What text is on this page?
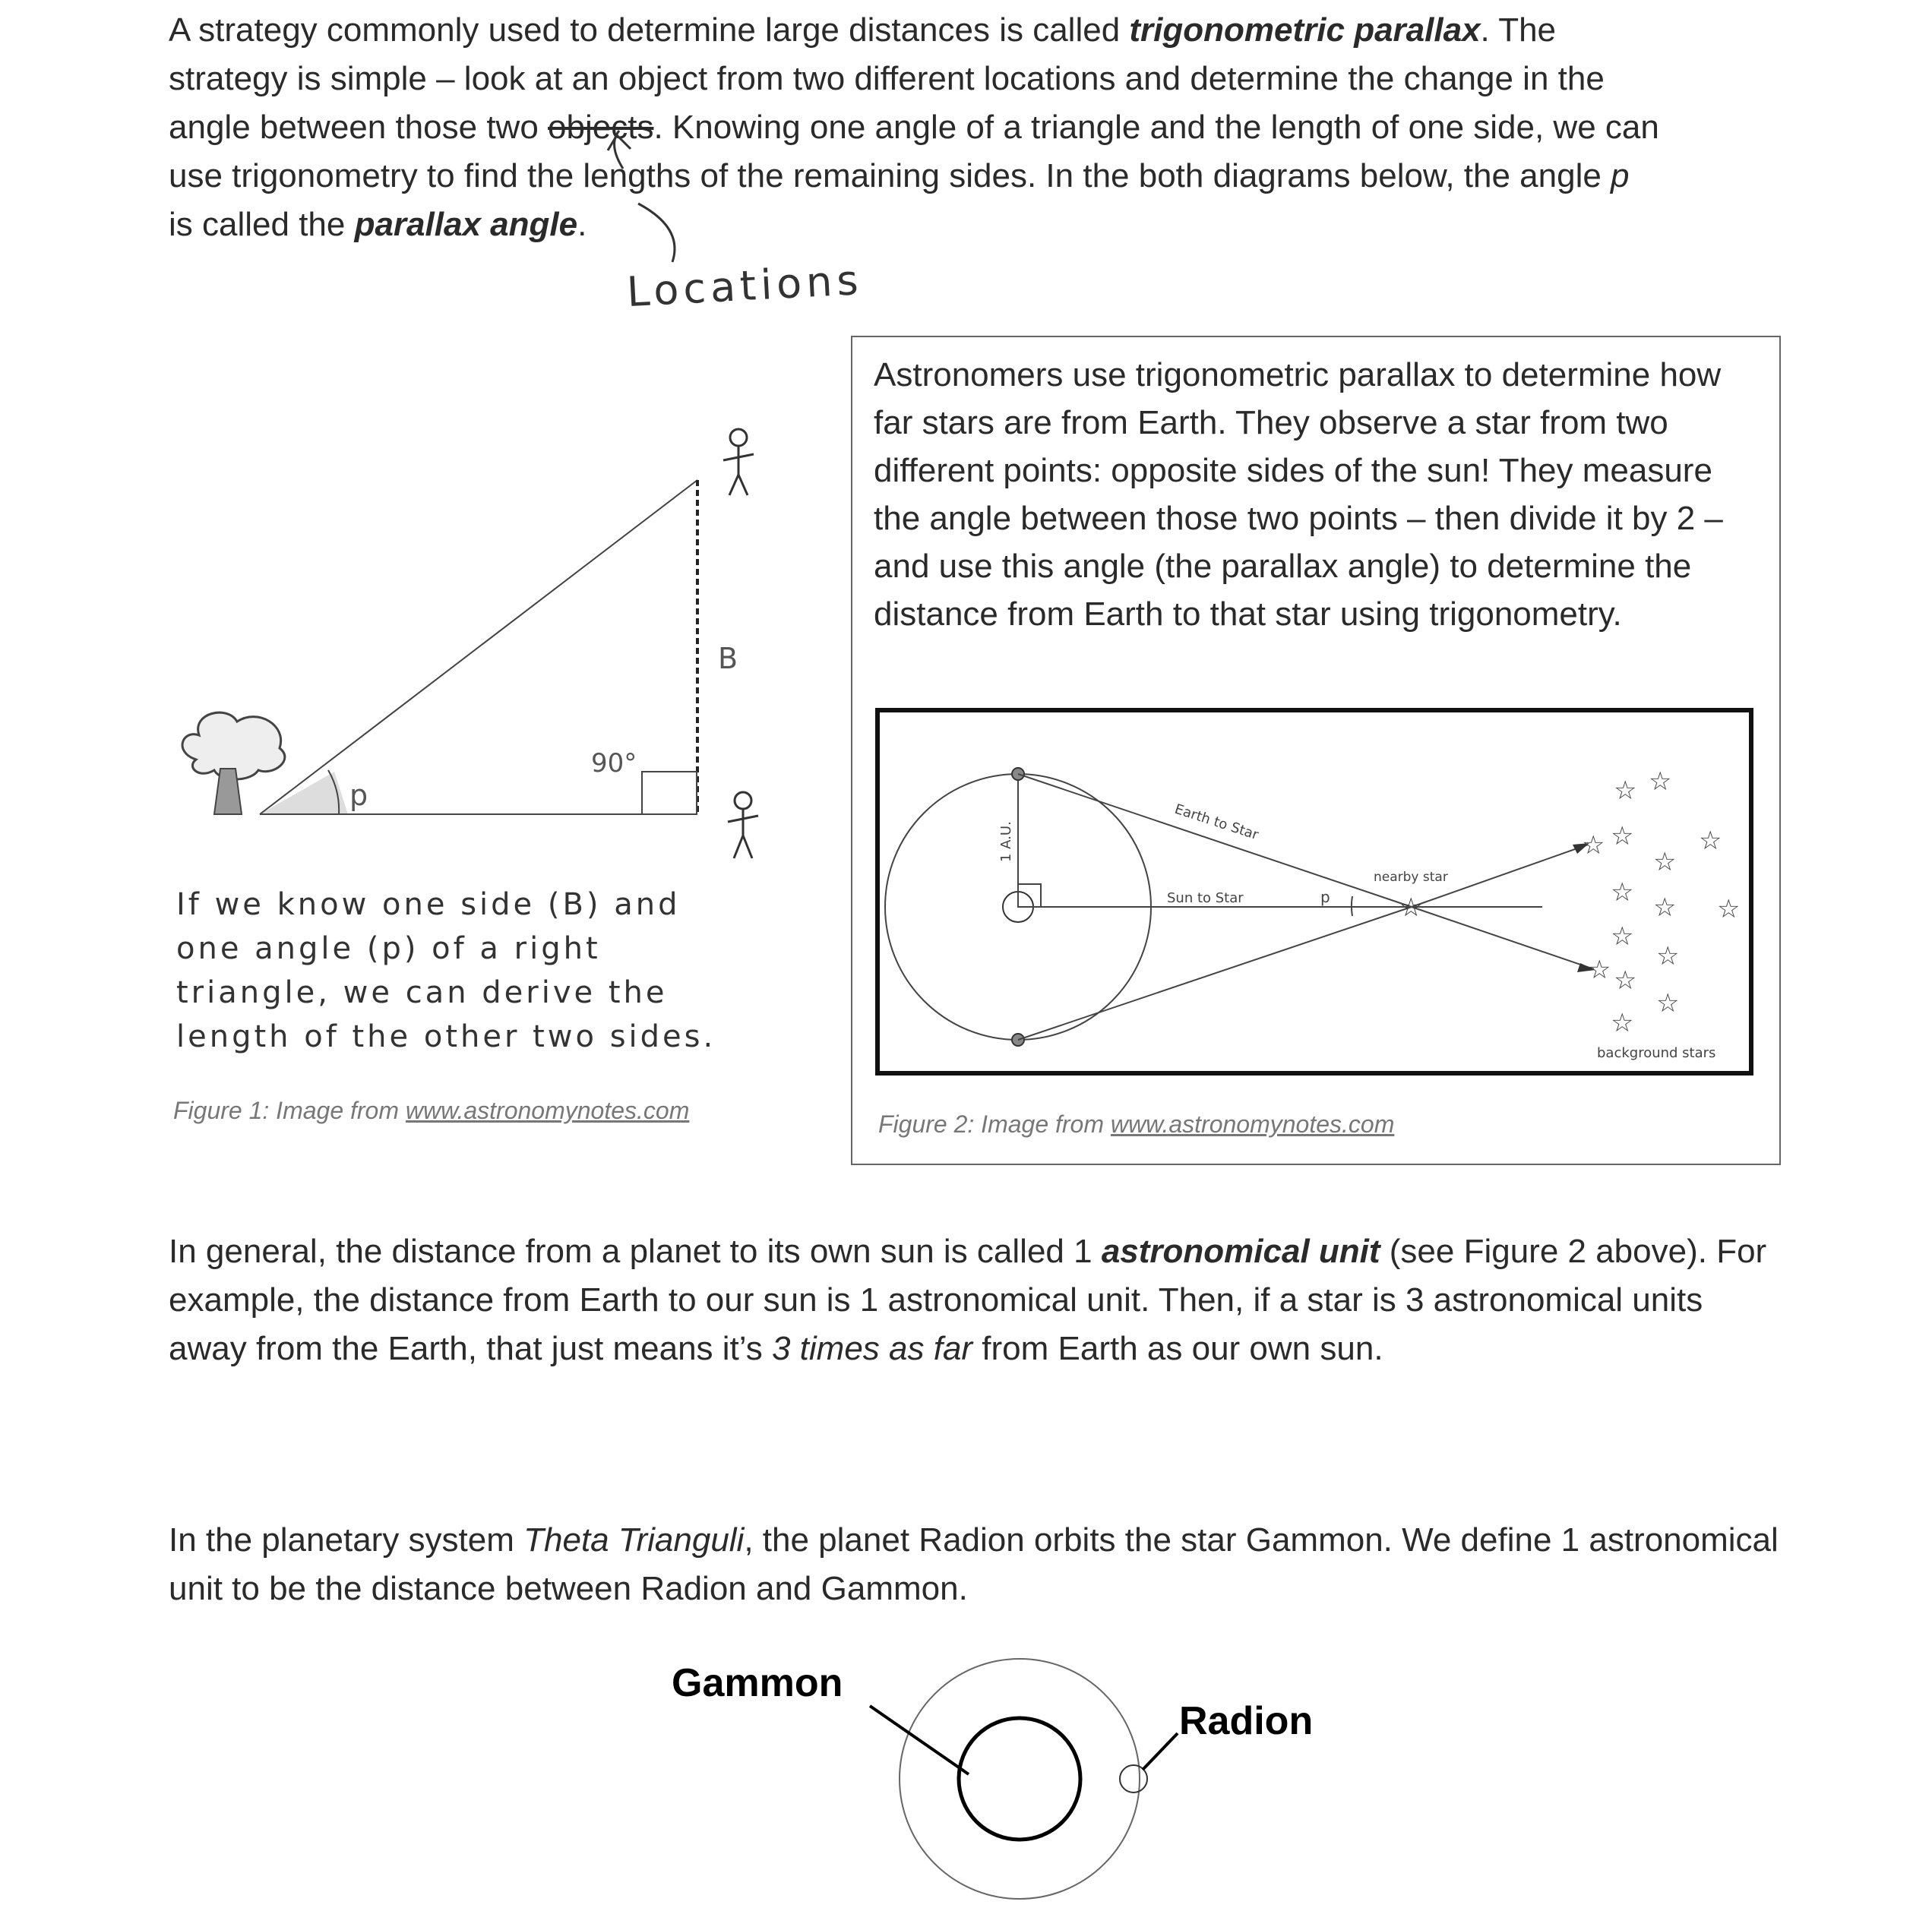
A strategy commonly used to determine large distances is called trigonometric parallax. The
strategy is simple – look at an object from two different locations and determine the change in the
angle between those two objects. Knowing one angle of a triangle and the length of one side, we can
use trigonometry to find the lengths of the remaining sides. In the both diagrams below, the angle p
is called the parallax angle.
Locations
B
90°
p
☆
☆ ☆
☆ ☆	☆
☆
☆
☆ ☆
☆
☆
☆ ☆
☆
☆
Earth to Star
Sun to Star
1 A.U.
p
nearby star
background stars

If we know one side (B) and one angle (p) of a right triangle, we can derive the length of the other two sides.

Figure 1: Image from www.astronomynotes.com

Astronomers use trigonometric parallax to determine how far stars are from Earth. They observe a star from two different points: opposite sides of the sun! They measure the angle between those two points – then divide it by 2 – and use this angle (the parallax angle) to determine the distance from Earth to that star using trigonometry.

Figure 2: Image from www.astronomynotes.com

In general, the distance from a planet to its own sun is called 1 astronomical unit (see Figure 2 above). For example, the distance from Earth to our sun is 1 astronomical unit. Then, if a star is 3 astronomical units away from the Earth, that just means it’s 3 times as far from Earth as our own sun.

In the planetary system Theta Trianguli, the planet Radion orbits the star Gammon. We define 1 astronomical unit to be the distance between Radion and Gammon.

Gammon
Radion
